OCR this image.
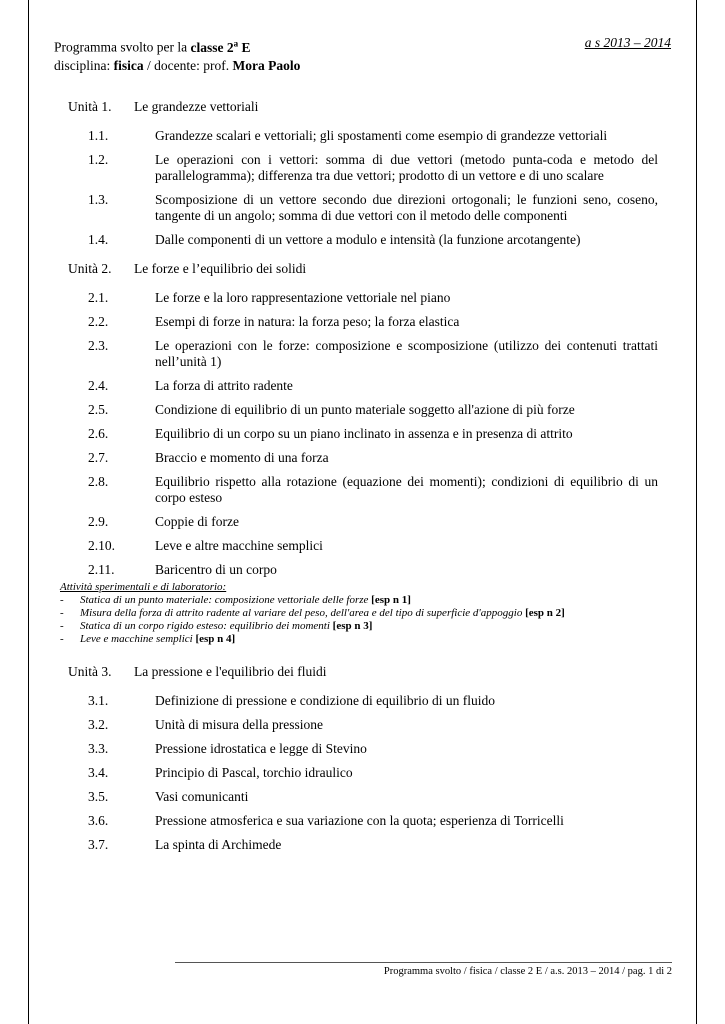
Programma svolto per la classe 2$^a$ E	a s 2013 – 2014
disciplina: fisica / docente: prof. Mora Paolo
Unità 1.	Le grandezze vettoriali
1.1.	Grandezze scalari e vettoriali; gli spostamenti come esempio di grandezze vettoriali
1.2.	Le operazioni con i vettori: somma di due vettori (metodo punta-coda e metodo del parallelogramma); differenza tra due vettori; prodotto di un vettore e di uno scalare
1.3.	Scomposizione di un vettore secondo due direzioni ortogonali; le funzioni seno, coseno, tangente di un angolo; somma di due vettori con il metodo delle componenti
1.4.	Dalle componenti di un vettore a modulo e intensità (la funzione arcotangente)
Unità 2.	Le forze e l’equilibrio dei solidi
2.1.	Le forze e la loro rappresentazione vettoriale nel piano
2.2.	Esempi di forze in natura: la forza peso; la forza elastica
2.3.	Le operazioni con le forze: composizione e scomposizione (utilizzo dei contenuti trattati nell’unità 1)
2.4.	La forza di attrito radente
2.5.	Condizione di equilibrio di un punto materiale soggetto all'azione di più forze
2.6.	Equilibrio di un corpo su un piano inclinato in assenza e in presenza di attrito
2.7.	Braccio e momento di una forza
2.8.	Equilibrio rispetto alla rotazione (equazione dei momenti); condizioni di equilibrio di un corpo esteso
2.9.	Coppie di forze
2.10.	Leve e altre macchine semplici
2.11.	Baricentro di un corpo
Attività sperimentali e di laboratorio:
-	Statica di un punto materiale: composizione vettoriale delle forze [esp n 1]
-	Misura della forza di attrito radente al variare del peso, dell'area e del tipo di superficie d'appoggio [esp n 2]
-	Statica di un corpo rigido esteso: equilibrio dei momenti [esp n 3]
-	Leve e macchine semplici [esp n 4]
Unità 3.	La pressione e l'equilibrio dei fluidi
3.1.	Definizione di pressione e condizione di equilibrio di un fluido
3.2.	Unità di misura della pressione
3.3.	Pressione idrostatica e legge di Stevino
3.4.	Principio di Pascal, torchio idraulico
3.5.	Vasi comunicanti
3.6.	Pressione atmosferica e sua variazione con la quota; esperienza di Torricelli
3.7.	La spinta di Archimede
Programma svolto / fisica / classe 2 E / a.s. 2013 – 2014 / pag. 1 di 2
